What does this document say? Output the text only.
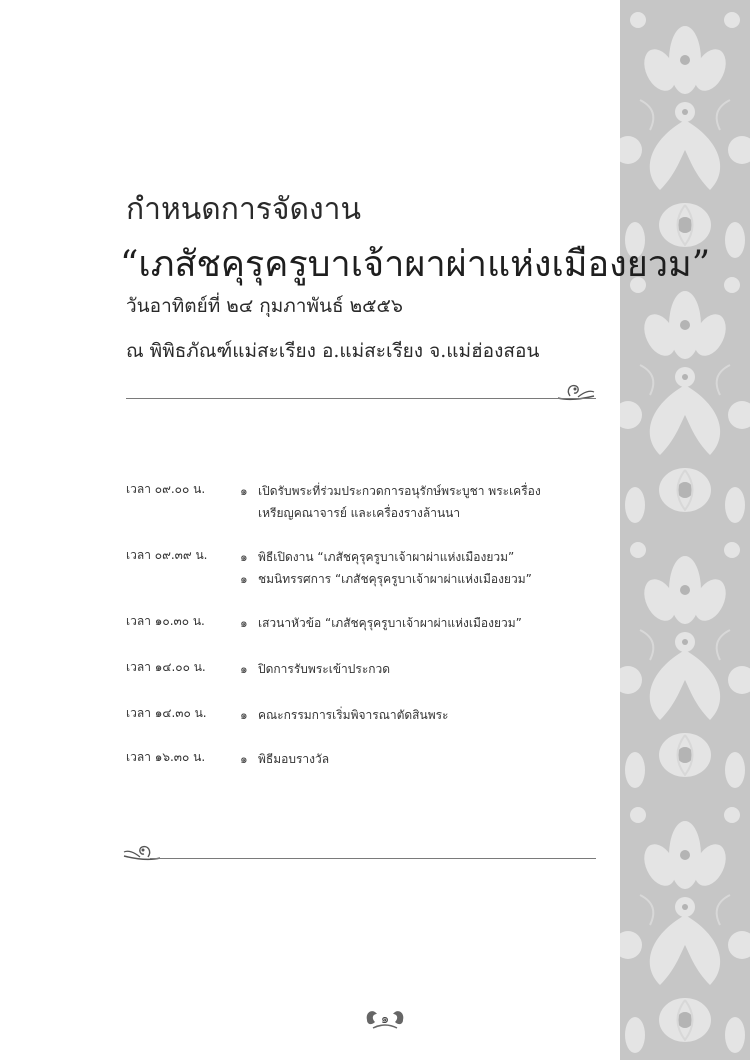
กำหนดการจัดงาน
“เภสัชคุรุครูบาเจ้าผาผ่าแห่งเมืองยวม”
วันอาทิตย์ที่ ๒๔ กุมภาพันธ์ ๒๕๕๖
ณ พิพิธภัณฑ์แม่สะเรียง อ.แม่สะเรียง จ.แม่ฮ่องสอน
เวลา ๐๙.๐๐ น.	๑ เปิดรับพระที่ร่วมประกวดการอนุรักษ์พระบูชา พระเครื่อง
เหรียญคณาจารย์ และเครื่องรางล้านนา
เวลา ๐๙.๓๙ น.	๑ พิธีเปิดงาน “เภสัชคุรุครูบาเจ้าผาผ่าแห่งเมืองยวม”
๑ ชมนิทรรศการ “เภสัชคุรุครูบาเจ้าผาผ่าแห่งเมืองยวม”
เวลา ๑๐.๓๐ น.	๑ เสวนาหัวข้อ “เภสัชคุรุครูบาเจ้าผาผ่าแห่งเมืองยวม”
เวลา ๑๔.๐๐ น.	๑ ปิดการรับพระเข้าประกวด
เวลา ๑๔.๓๐ น.	๑ คณะกรรมการเริ่มพิจารณาตัดสินพระ
เวลา ๑๖.๓๐ น.	๑ พิธีมอบรางวัล
๑
